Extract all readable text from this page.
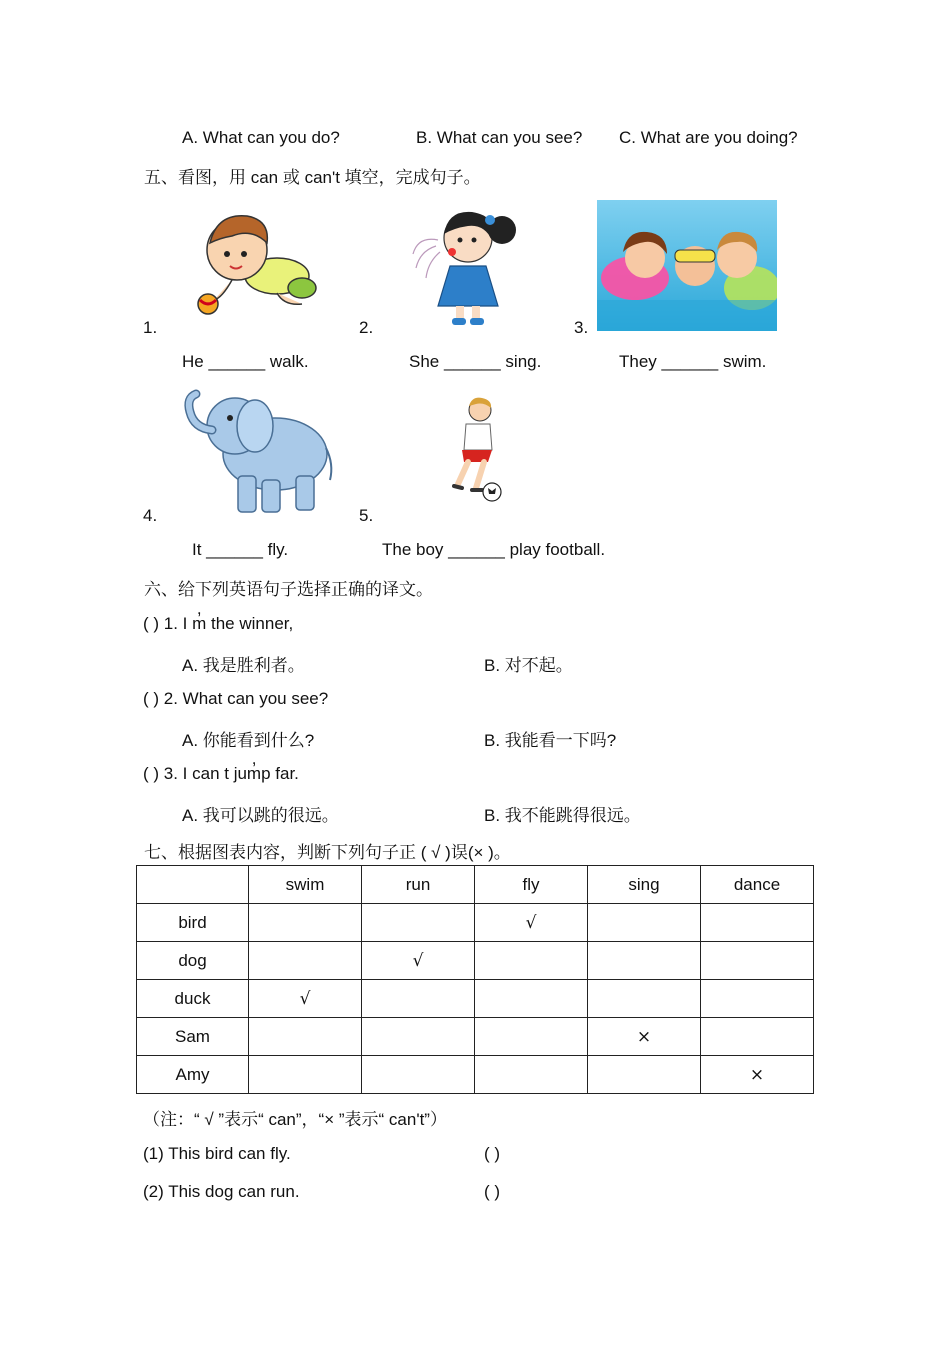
A. What can you do?	B. What can you see? C. What are you doing?
五、看图，用 can 或 can't 填空，完成句子。
1.	2.	3.
He ______ walk.	She ______ sing.	They ______ swim.
4.	5.
It ______ fly.	The boy ______ play football.
六、给下列英语句子选择正确的译文。
( ) 1. I m̓ the winner,
A. 我是胜利者。	B. 对不起。
( ) 2. What can you see?
A. 你能看到什么?	B. 我能看一下吗?
( ) 3. I can t jum̓p far.
A. 我可以跳的很远。	B. 我不能跳得很远。
七、根据图表内容，判断下列句子正 ( √ )误(× )。
	swim	run	fly	sing	dance
bird			√		
dog		√			
duck	√				
Sam				×	
Amy					×
（注：“ √ ”表示“ can”，“× ”表示“ can't”）
(1) This bird can fly.	( )
(2) This dog can run.	( )
